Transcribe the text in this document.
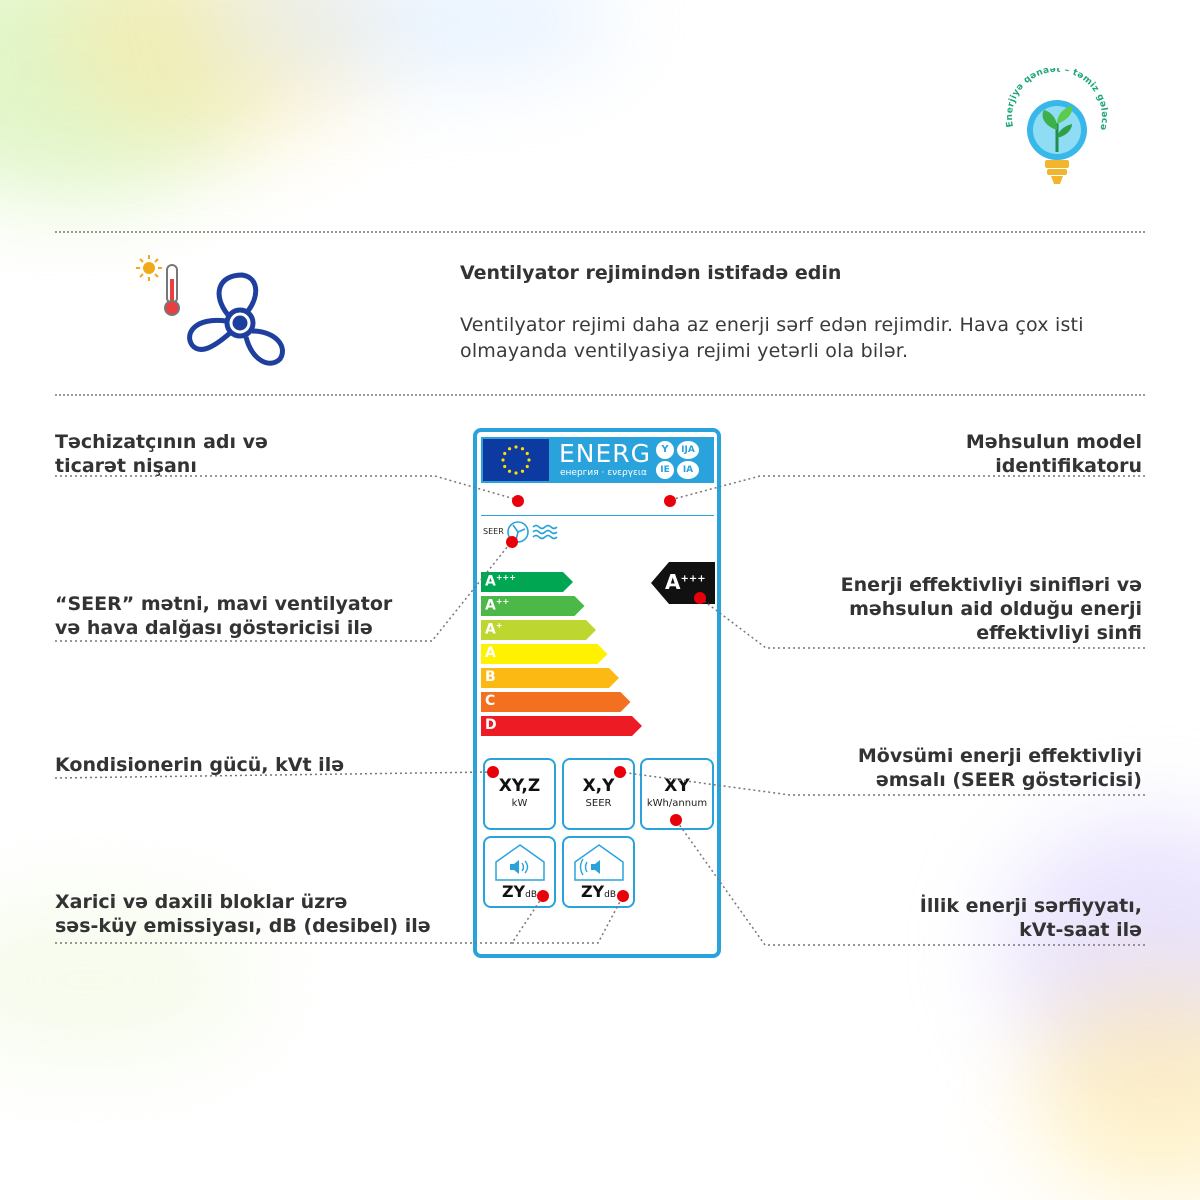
Enerjiyə qənaət – təmiz gələcə
Ventilyator rejimindən istifadə edin
Ventilyator rejimi daha az enerji sərf edən rejimdir. Hava çox isti olmayanda ventilyasiya rejimi yetərli ola bilər.
Təchizatçının adı və
ticarət nişanı
“SEER” mətni, mavi ventilyator
və hava dalğası göstəricisi ilə
Kondisionerin gücü, kVt ilə
Xarici və daxili bloklar üzrə
səs-küy emissiyası, dB (desibel) ilə
Məhsulun model
identifikatoru
Enerji effektivliyi sinifləri və
məhsulun aid olduğu enerji
effektivliyi sinfi
Mövsümi enerji effektivliyi
əmsalı (SEER göstəricisi)
İllik enerji sərfiyyatı,
kVt-saat ilə
ENERG
енергия · ενεργεια
Y	IJA
IE	IA
SEER
A+++
A++
A+
A
B
C
D
A+++
XY,Z
kW
X,Y
SEER
XY
kWh/annum
ZYdB	ZYdB
